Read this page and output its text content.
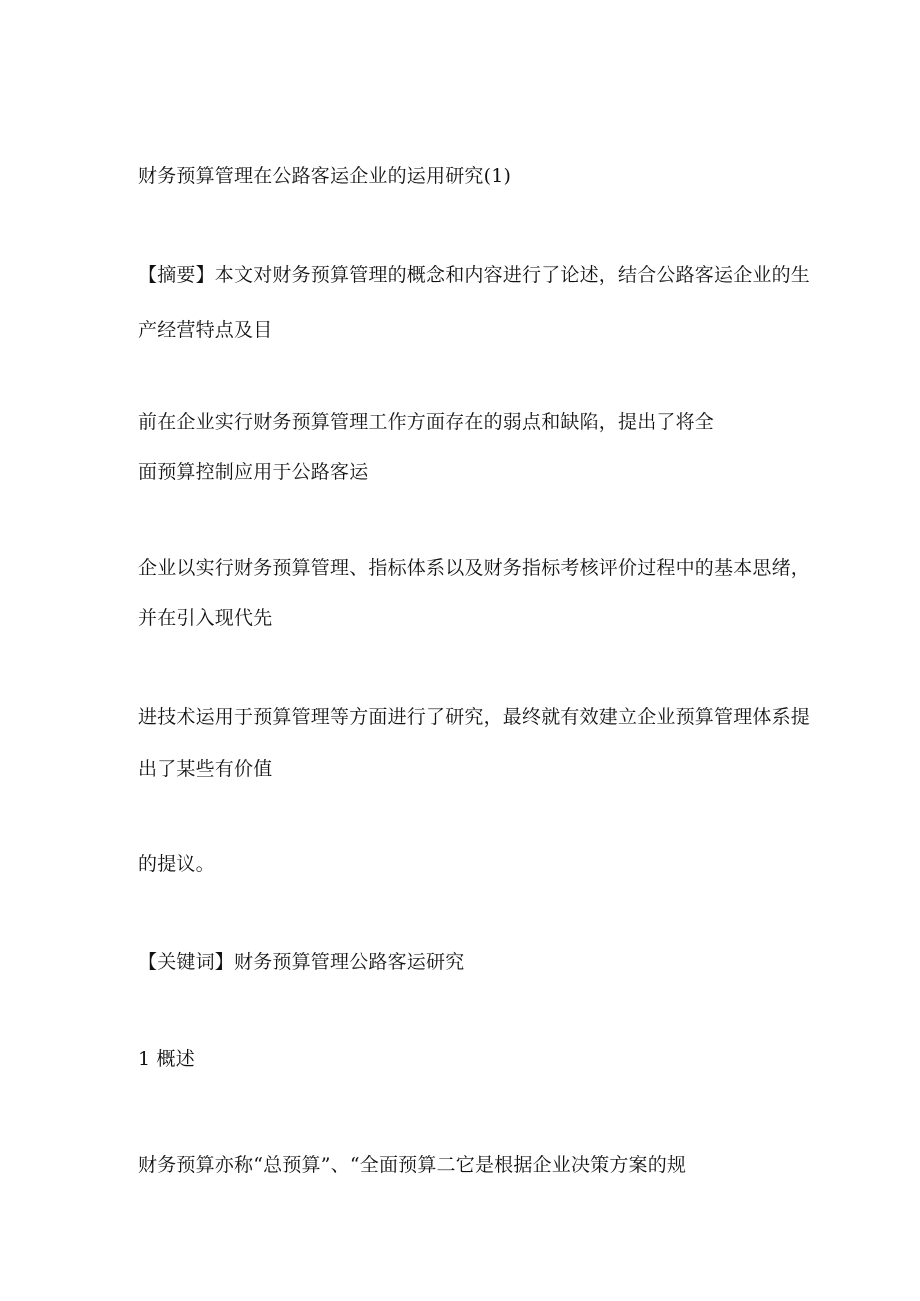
财务预算管理在公路客运企业的运用研究(1)
【摘要】本文对财务预算管理的概念和内容进行了论述，结合公路客运企业的生
产经营特点及目
前在企业实行财务预算管理工作方面存在的弱点和缺陷，提出了将全
面预算控制应用于公路客运
企业以实行财务预算管理、指标体系以及财务指标考核评价过程中的基本思绪，
并在引入现代先
进技术运用于预算管理等方面进行了研究，最终就有效建立企业预算管理体系提
出了某些有价值
的提议。
【关键词】财务预算管理公路客运研究
1 概述
财务预算亦称“总预算”、“全面预算二它是根据企业决策方案的规
